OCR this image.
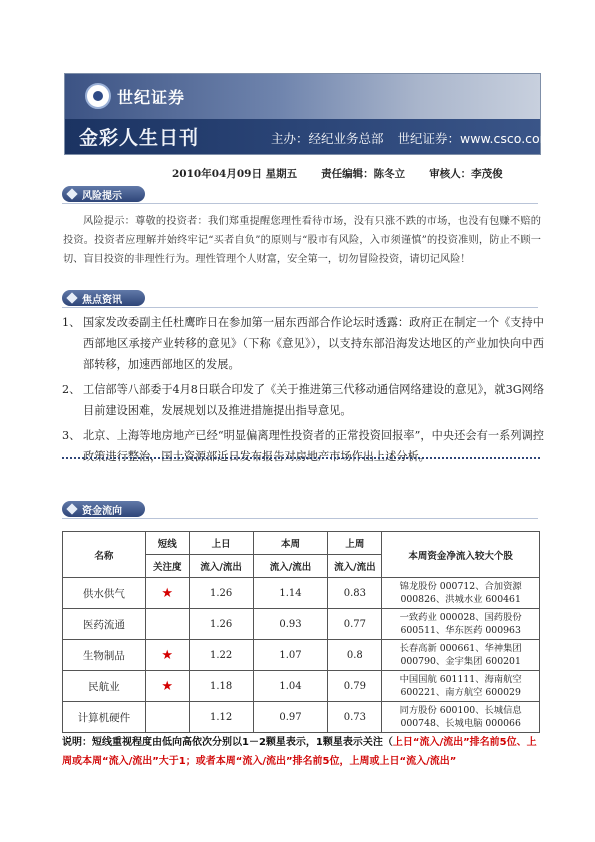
世纪证券
金彩人生日刊	主办：经纪业务总部 世纪证券：www.csco.com.cn
2010年04月09日 星期五 责任编辑：陈冬立 审核人：李茂俊
风险提示
风险提示：尊敬的投资者：我们郑重提醒您理性看待市场，没有只涨不跌的市场，也没有包赚不赔的投资。投资者应理解并始终牢记“买者自负”的原则与“股市有风险，入市须谨慎”的投资准则，防止不顾一切、盲目投资的非理性行为。理性管理个人财富，安全第一，切勿冒险投资，请切记风险！
焦点资讯
1、 国家发改委副主任杜鹰昨日在参加第一届东西部合作论坛时透露：政府正在制定一个《支持中西部地区承接产业转移的意见》（下称《意见》），以支持东部沿海发达地区的产业加快向中西部转移，加速西部地区的发展。
2、 工信部等八部委于4月8日联合印发了《关于推进第三代移动通信网络建设的意见》，就3G网络目前建设困难，发展规划以及推进措施提出指导意见。
3、 北京、上海等地房地产已经“明显偏离理性投资者的正常投资回报率”，中央还会有一系列调控政策进行整治，国土资源部近日发布报告对房地产市场作出上述分析。
资金流向
名称	短线	上日	本周	上周	本周资金净流入较大个股
	关注度	流入/流出	流入/流出	流入/流出	
供水供气	★	1.26	1.14	0.83	锦龙股份 000712、合加资源
000826、洪城水业 600461
医药流通		1.26	0.93	0.77	一致药业 000028、国药股份
600511、华东医药 000963
生物制品	★	1.22	1.07	0.8	长春高新 000661、华神集团
000790、金宇集团 600201
民航业	★	1.18	1.04	0.79	中国国航 601111、海南航空
600221、南方航空 600029
计算机硬件		1.12	0.97	0.73	同方股份 600100、长城信息
000748、长城电脑 000066
说明：短线重视程度由低向高依次分别以1－2颗星表示，1颗星表示关注（上日“流入/流出”排名前5位、上周或本周“流入/流出”大于1；或者本周“流入/流出”排名前5位，上周或上日“流入/流出”
